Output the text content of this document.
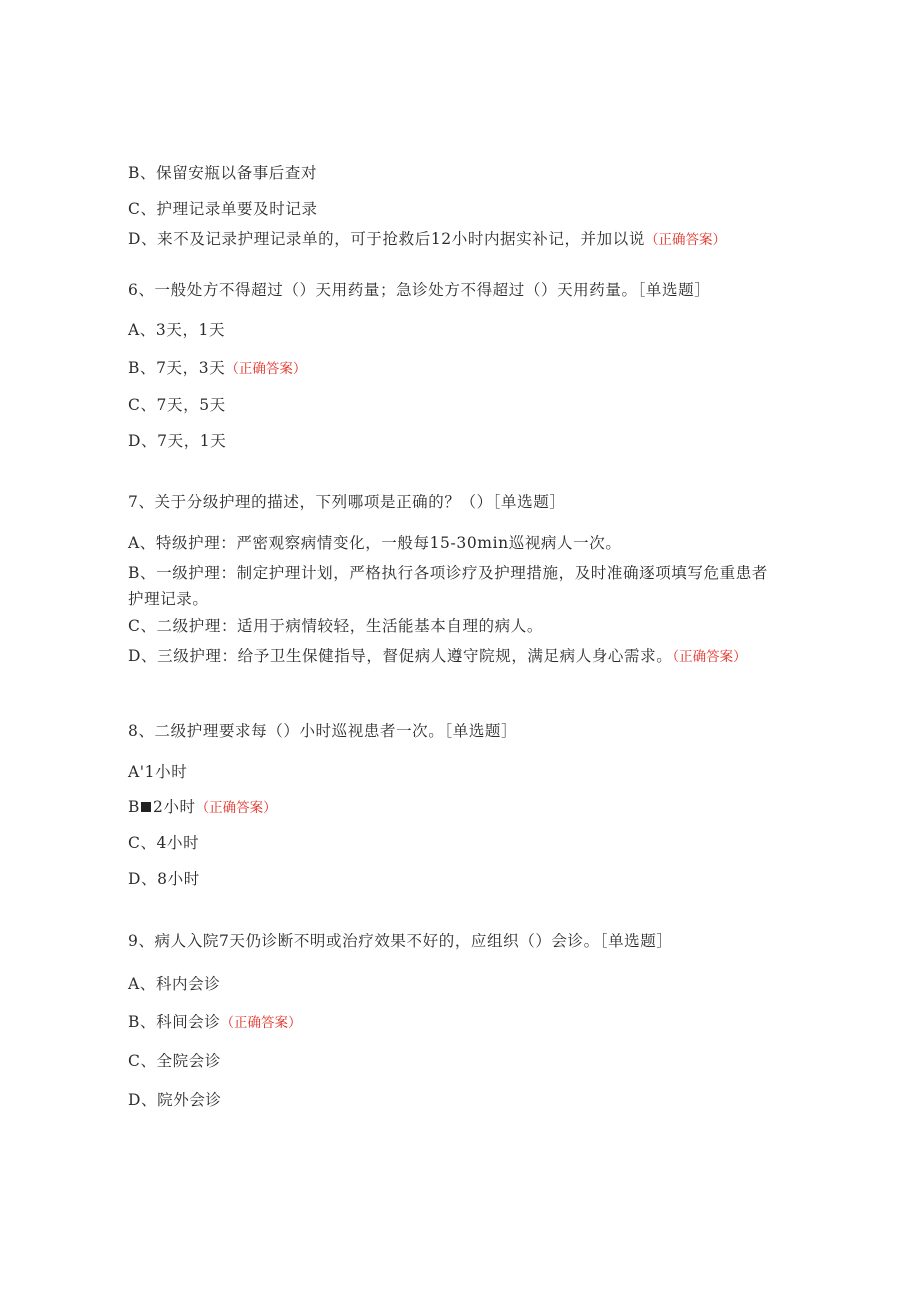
B、保留安瓶以备事后查对
C、护理记录单要及时记录
D、来不及记录护理记录单的，可于抢救后12小时内据实补记，并加以说（正确答案）
6、一般处方不得超过（）天用药量；急诊处方不得超过（）天用药量。［单选题］
A、3天，1天
B、7天，3天（正确答案）
C、7天，5天
D、7天，1天
7、关于分级护理的描述，下列哪项是正确的？（）［单选题］
A、特级护理：严密观察病情变化，一般每15-30min巡视病人一次。
B、一级护理：制定护理计划，严格执行各项诊疗及护理措施，及时准确逐项填写危重患者护理记录。
C、二级护理：适用于病情较轻，生活能基本自理的病人。
D、三级护理：给予卫生保健指导，督促病人遵守院规，满足病人身心需求。（正确答案）
8、二级护理要求每（）小时巡视患者一次。［单选题］
A'1小时
B 2小时（正确答案）
C、4小时
D、8小时
9、病人入院7天仍诊断不明或治疗效果不好的，应组织（）会诊。［单选题］
A、科内会诊
B、科间会诊（正确答案）
C、全院会诊
D、院外会诊
